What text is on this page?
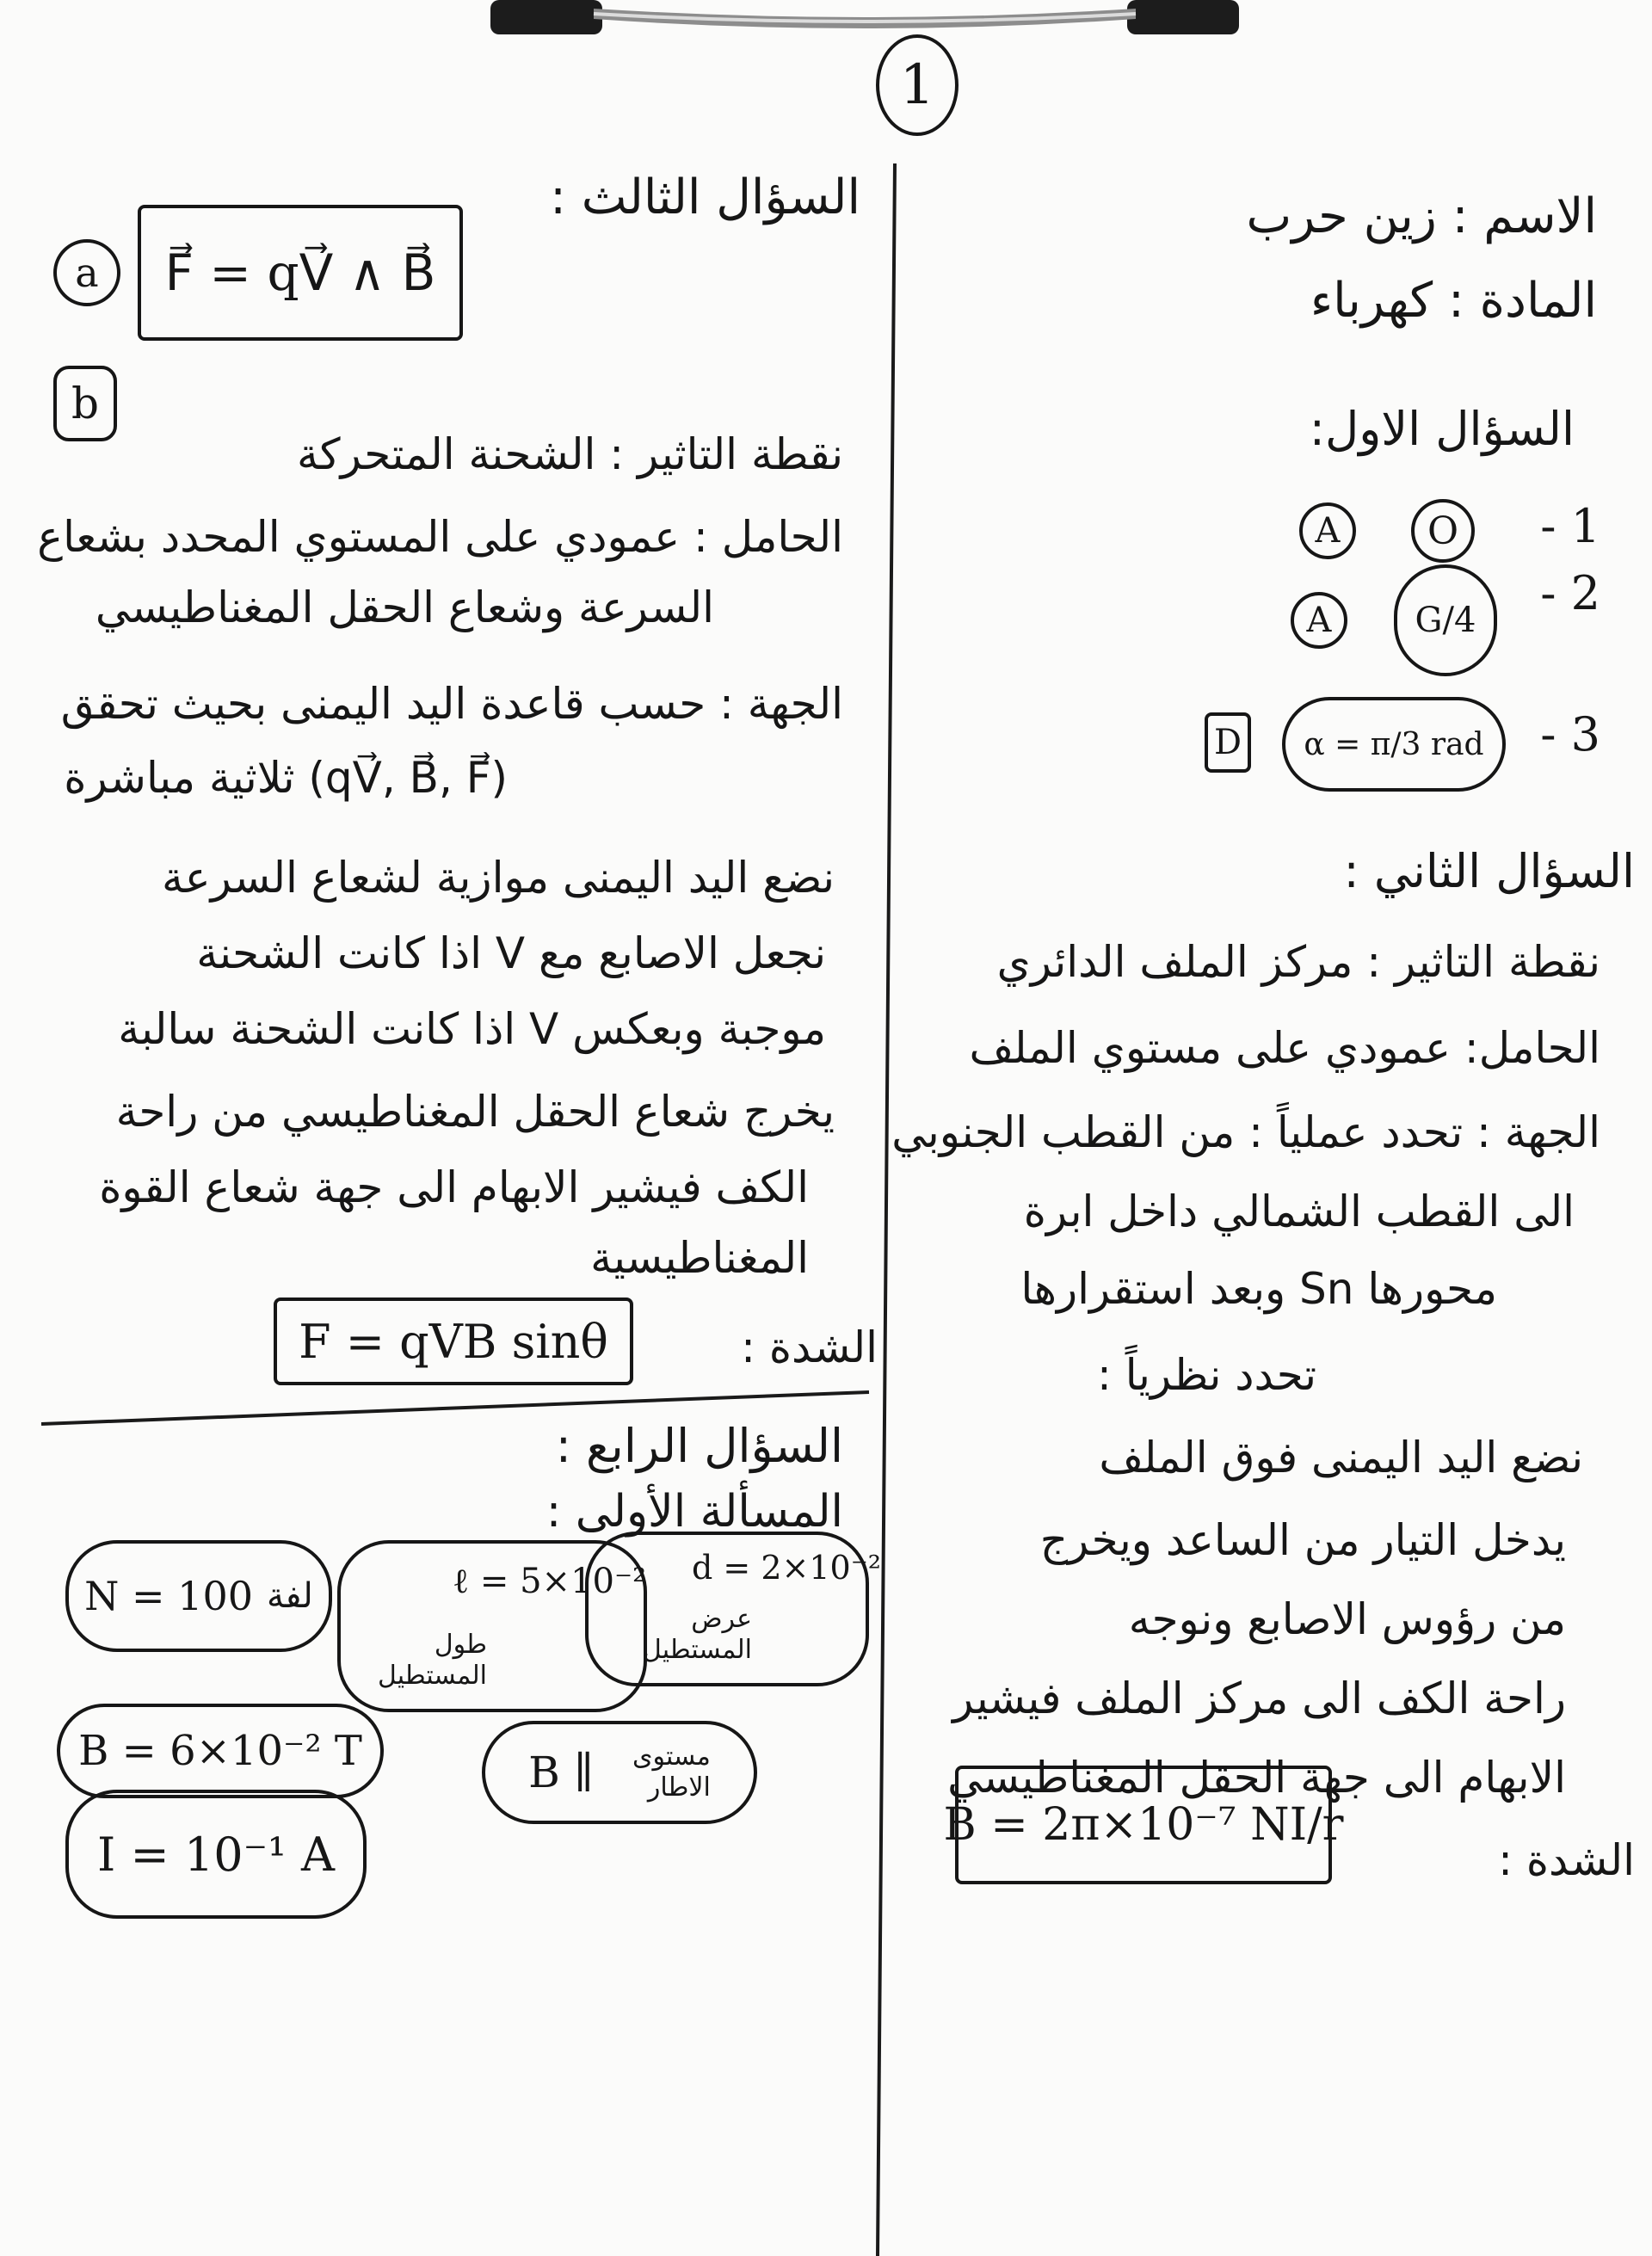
1
الاسم : زين حرب
المادة : كهرباء
السؤال الاول:
1 -
O
A
2 -
G/4
A
3 -
α = π/3 rad
D
السؤال الثاني :
نقطة التاثير : مركز الملف الدائري
الحامل: عمودي على مستوي الملف
الجهة : تحدد عملياً : من القطب الجنوبي
الى القطب الشمالي داخل ابرة
محورها Sn وبعد استقرارها
تحدد نظرياً :
نضع اليد اليمنى فوق الملف
يدخل التيار من الساعد ويخرج
من رؤوس الاصابع ونوجه
راحة الكف الى مركز الملف فيشير
الابهام الى جهة الحقل المغناطيسي
الشدة :
B = 2π×10⁻⁷ NI/r
السؤال الثالث :
a	F⃗ = qV⃗ ∧ B⃗
b
نقطة التاثير : الشحنة المتحركة
الحامل : عمودي على المستوي المحدد بشعاع
السرعة وشعاع الحقل المغناطيسي
الجهة : حسب قاعدة اليد اليمنى بحيث تحقق
(qV⃗, B⃗, F⃗) ثلاثية مباشرة
نضع اليد اليمنى موازية لشعاع السرعة
نجعل الاصابع مع V اذا كانت الشحنة
موجبة وبعكس V اذا كانت الشحنة سالبة
يخرج شعاع الحقل المغناطيسي من راحة
الكف فيشير الابهام الى جهة شعاع القوة
المغناطيسية
الشدة :
F = qVB sinθ
السؤال الرابع :
المسألة الأولى :
N = 100 لفة	ℓ = 5×10⁻²
طول المستطيل
d = 2×10⁻²
عرض المستطيل
B = 6×10⁻² T	B ∥	مستوى الاطار
I = 10⁻¹ A
